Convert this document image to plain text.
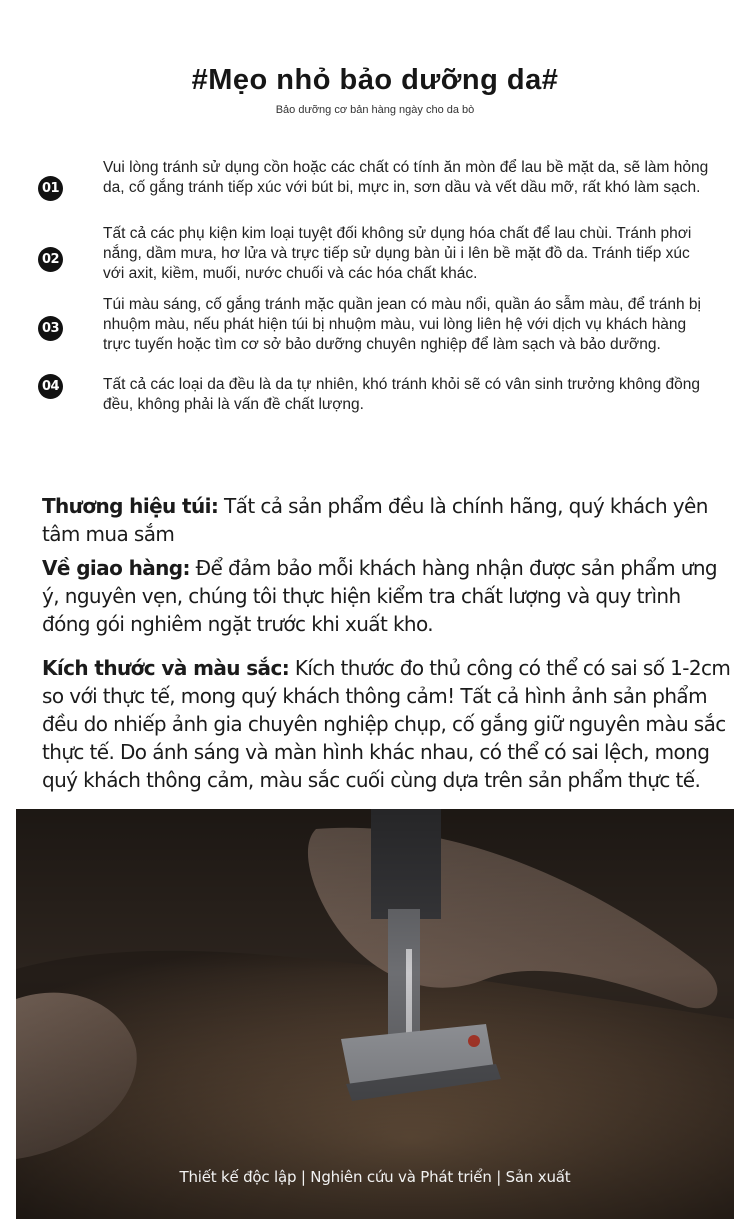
#Mẹo nhỏ bảo dưỡng da#
Bảo dưỡng cơ bản hàng ngày cho da bò
01
Vui lòng tránh sử dụng cồn hoặc các chất có tính ăn mòn để lau bề mặt da, sẽ làm hỏng da, cố gắng tránh tiếp xúc với bút bi, mực in, sơn dầu và vết dầu mỡ, rất khó làm sạch.
02
Tất cả các phụ kiện kim loại tuyệt đối không sử dụng hóa chất để lau chùi. Tránh phơi nắng, dầm mưa, hơ lửa và trực tiếp sử dụng bàn ủi i lên bề mặt đồ da. Tránh tiếp xúc với axit, kiềm, muối, nước chuối và các hóa chất khác.
03
Túi màu sáng, cố gắng tránh mặc quần jean có màu nổi, quần áo sẫm màu, để tránh bị nhuộm màu, nếu phát hiện túi bị nhuộm màu, vui lòng liên hệ với dịch vụ khách hàng trực tuyến hoặc tìm cơ sở bảo dưỡng chuyên nghiệp để làm sạch và bảo dưỡng.
04	Tất cả các loại da đều là da tự nhiên, khó tránh khỏi sẽ có vân sinh trưởng không đồng đều, không phải là vấn đề chất lượng.
Thương hiệu túi: Tất cả sản phẩm đều là chính hãng, quý khách yên tâm mua sắm
Về giao hàng: Để đảm bảo mỗi khách hàng nhận được sản phẩm ưng ý, nguyên vẹn, chúng tôi thực hiện kiểm tra chất lượng và quy trình đóng gói nghiêm ngặt trước khi xuất kho.
Kích thước và màu sắc: Kích thước đo thủ công có thể có sai số 1-2cm so với thực tế, mong quý khách thông cảm! Tất cả hình ảnh sản phẩm đều do nhiếp ảnh gia chuyên nghiệp chụp, cố gắng giữ nguyên màu sắc thực tế. Do ánh sáng và màn hình khác nhau, có thể có sai lệch, mong quý khách thông cảm, màu sắc cuối cùng dựa trên sản phẩm thực tế.
Thiết kế độc lập | Nghiên cứu và Phát triển | Sản xuất
